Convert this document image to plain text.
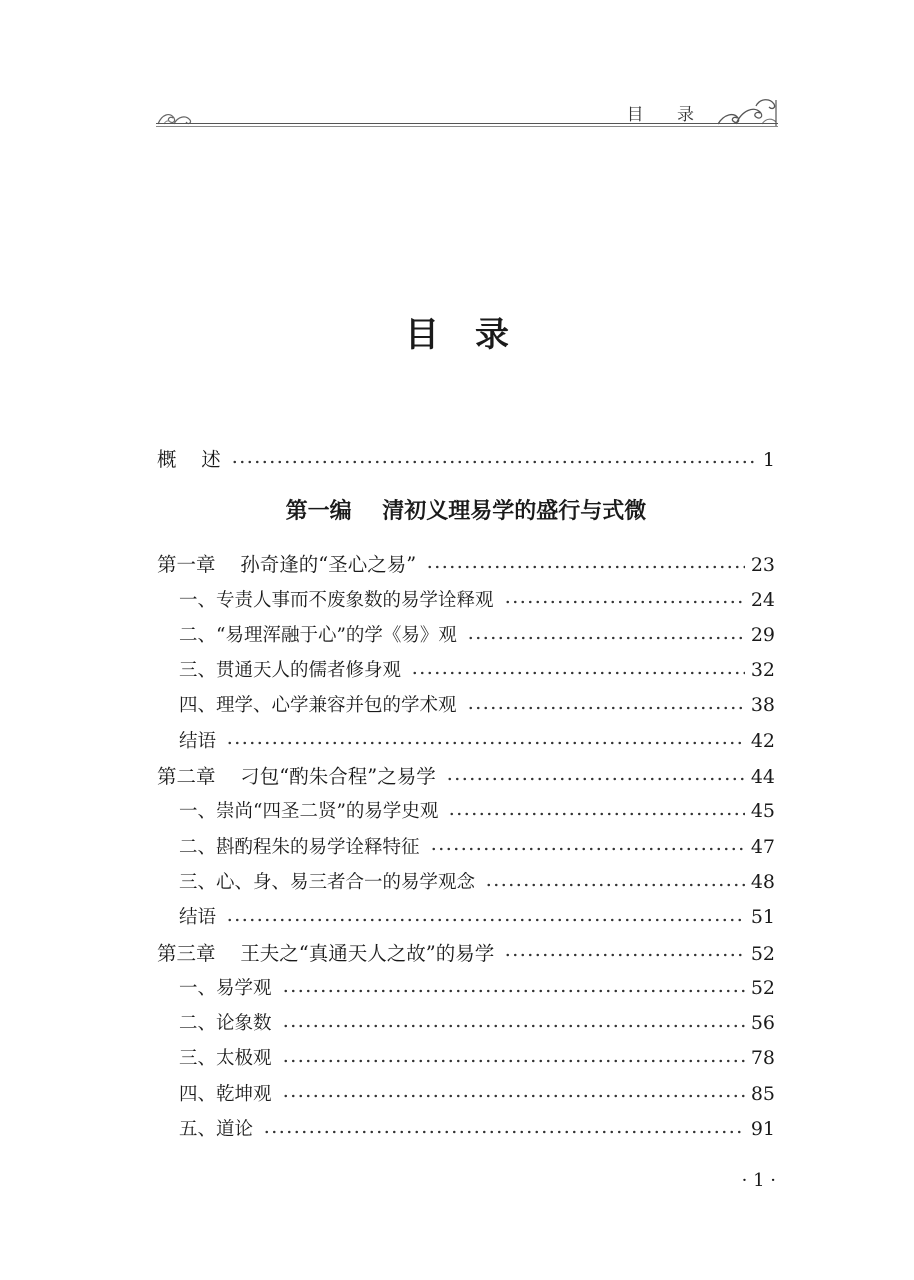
目 录
目录
概    述	1
第一编    清初义理易学的盛行与式微
第一章    孙奇逢的“圣心之易”	23
一、专责人事而不废象数的易学诠释观	24
二、“易理浑融于心”的学《易》观	29
三、贯通天人的儒者修身观	32
四、理学、心学兼容并包的学术观	38
结语	42
第二章    刁包“酌朱合程”之易学	44
一、崇尚“四圣二贤”的易学史观	45
二、斟酌程朱的易学诠释特征	47
三、心、身、易三者合一的易学观念	48
结语	51
第三章    王夫之“真通天人之故”的易学	52
一、易学观	52
二、论象数	56
三、太极观	78
四、乾坤观	85
五、道论	91
· 1 ·
